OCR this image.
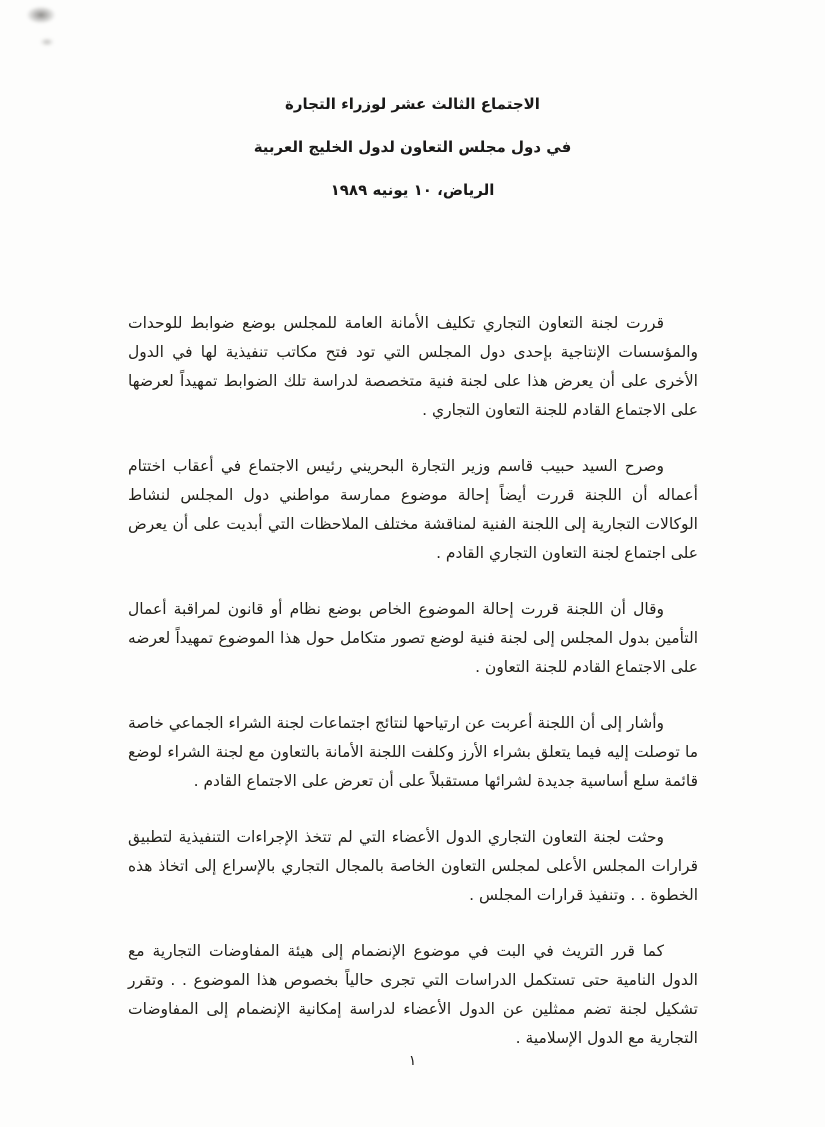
الاجتماع الثالث عشر لوزراء التجارة
في دول مجلس التعاون لدول الخليج العربية
الرياض، ١٠ يونيه ١٩٨٩

قررت لجنة التعاون التجاري تكليف الأمانة العامة للمجلس بوضع ضوابط للوحدات والمؤسسات الإنتاجية بإحدى دول المجلس التي تود فتح مكاتب تنفيذية لها في الدول الأخرى على أن يعرض هذا على لجنة فنية متخصصة لدراسة تلك الضوابط تمهيداً لعرضها على الاجتماع القادم للجنة التعاون التجاري .

وصرح السيد حبيب قاسم وزير التجارة البحريني رئيس الاجتماع في أعقاب اختتام أعماله أن اللجنة قررت أيضاً إحالة موضوع ممارسة مواطني دول المجلس لنشاط الوكالات التجارية إلى اللجنة الفنية لمناقشة مختلف الملاحظات التي أبديت على أن يعرض على اجتماع لجنة التعاون التجاري القادم .

وقال أن اللجنة قررت إحالة الموضوع الخاص بوضع نظام أو قانون لمراقبة أعمال التأمين بدول المجلس إلى لجنة فنية لوضع تصور متكامل حول هذا الموضوع تمهيداً لعرضه على الاجتماع القادم للجنة التعاون .

وأشار إلى أن اللجنة أعربت عن ارتياحها لنتائج اجتماعات لجنة الشراء الجماعي خاصة ما توصلت إليه فيما يتعلق بشراء الأرز وكلفت اللجنة الأمانة بالتعاون مع لجنة الشراء لوضع قائمة سلع أساسية جديدة لشرائها مستقبلاً على أن تعرض على الاجتماع القادم .

وحثت لجنة التعاون التجاري الدول الأعضاء التي لم تتخذ الإجراءات التنفيذية لتطبيق قرارات المجلس الأعلى لمجلس التعاون الخاصة بالمجال التجاري بالإسراع إلى اتخاذ هذه الخطوة . . وتنفيذ قرارات المجلس .

كما قرر التريث في البت في موضوع الإنضمام إلى هيئة المفاوضات التجارية مع الدول النامية حتى تستكمل الدراسات التي تجرى حالياً بخصوص هذا الموضوع . . وتقرر تشكيل لجنة تضم ممثلين عن الدول الأعضاء لدراسة إمكانية الإنضمام إلى المفاوضات التجارية مع الدول الإسلامية .

١
